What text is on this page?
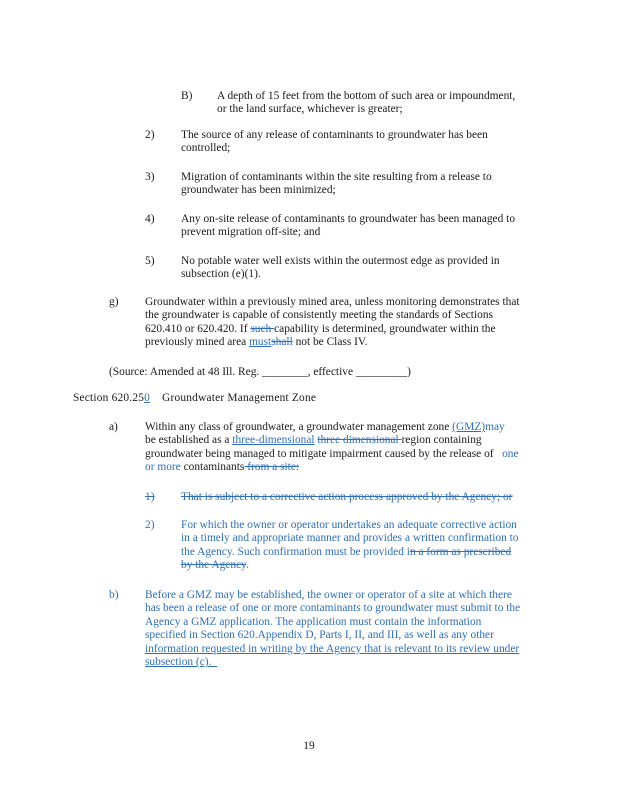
B) A depth of 15 feet from the bottom of such area or impoundment,
or the land surface, whichever is greater;
2) The source of any release of contaminants to groundwater has been
controlled;
3) Migration of contaminants within the site resulting from a release to
groundwater has been minimized;
4) Any on-site release of contaminants to groundwater has been managed to
prevent migration off-site; and
5) No potable water well exists within the outermost edge as provided in
subsection (e)(1).
g) Groundwater within a previously mined area, unless monitoring demonstrates that
the groundwater is capable of consistently meeting the standards of Sections
620.410 or 620.420. If such capability is determined, groundwater within the
previously mined area mustshall not be Class IV.
(Source: Amended at 48 Ill. Reg. ________, effective _________)
Section 620.250 Groundwater Management Zone
a) Within any class of groundwater, a groundwater management zone (GMZ)may
be established as a three-dimensional three dimensional region containing
groundwater being managed to mitigate impairment caused by the release of   one
or more contaminants from a site:
1) That is subject to a corrective action process approved by the Agency; or
2) For which the owner or operator undertakes an adequate corrective action
in a timely and appropriate manner and provides a written confirmation to
the Agency. Such confirmation must be provided in a form as prescribed
by the Agency.
b) Before a GMZ may be established, the owner or operator of a site at which there
has been a release of one or more contaminants to groundwater must submit to the
Agency a GMZ application. The application must contain the information
specified in Section 620.Appendix D, Parts I, II, and III, as well as any other
information requested in writing by the Agency that is relevant to its review under
subsection (c).
19
